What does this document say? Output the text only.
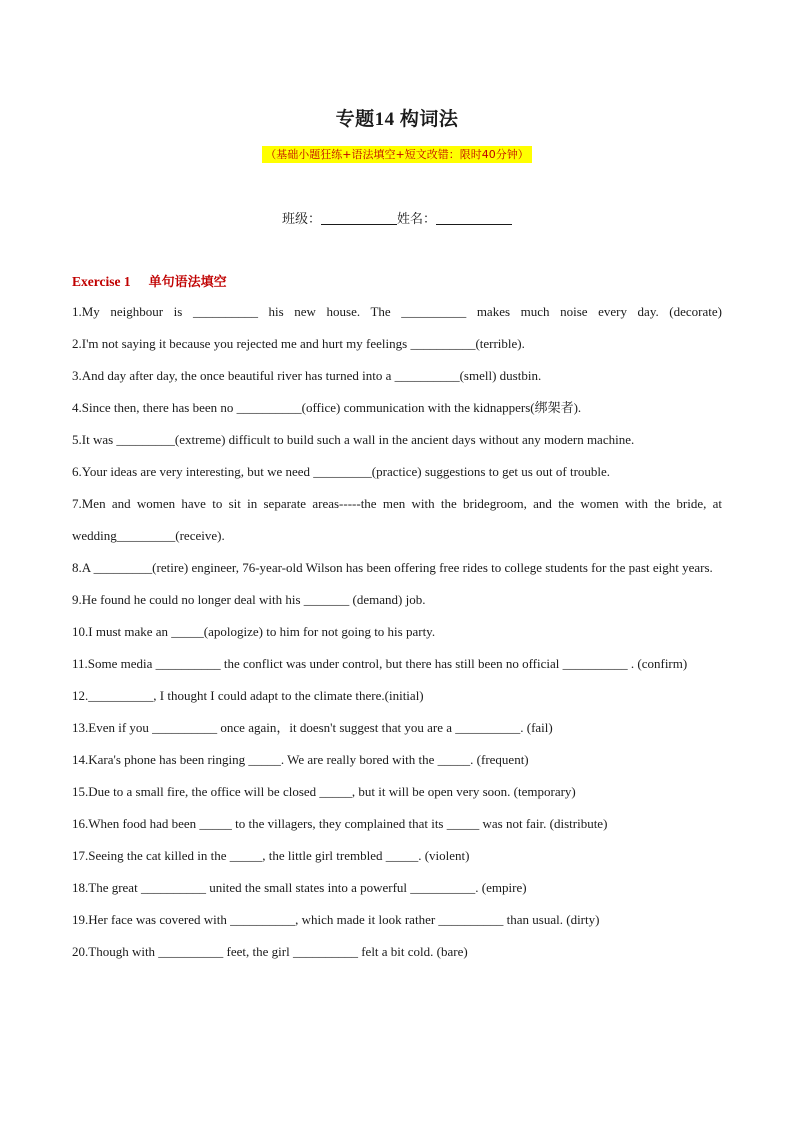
专题14 构词法
（基础小题狂练+语法填空+短文改错：限时40分钟）
班级：	姓名：
Exercise 1 单句语法填空
1.My neighbour is __________ his new house. The __________ makes much noise every day. (decorate)
2.I'm not saying it because you rejected me and hurt my feelings __________(terrible).
3.And day after day, the once beautiful river has turned into a __________(smell) dustbin.
4.Since then, there has been no __________(office) communication with the kidnappers(绑架者).
5.It was _________(extreme) difficult to build such a wall in the ancient days without any modern machine.
6.Your ideas are very interesting, but we need _________(practice) suggestions to get us out of trouble.
7.Men and women have to sit in separate areas-----the men with the bridegroom, and the women with the bride, at wedding_________(receive).
8.A _________(retire) engineer, 76-year-old Wilson has been offering free rides to college students for the past eight years.
9.He found he could no longer deal with his _______ (demand) job.
10.I must make an _____(apologize) to him for not going to his party.
11.Some media __________ the conflict was under control, but there has still been no official __________ . (confirm)
12.__________, I thought I could adapt to the climate there.(initial)
13.Even if you __________ once again，it doesn't suggest that you are a __________. (fail)
14.Kara's phone has been ringing _____. We are really bored with the _____. (frequent)
15.Due to a small fire, the office will be closed _____, but it will be open very soon. (temporary)
16.When food had been _____ to the villagers, they complained that its _____ was not fair. (distribute)
17.Seeing the cat killed in the _____, the little girl trembled _____. (violent)
18.The great __________ united the small states into a powerful __________. (empire)
19.Her face was covered with __________, which made it look rather __________ than usual. (dirty)
20.Though with __________ feet, the girl __________ felt a bit cold. (bare)
